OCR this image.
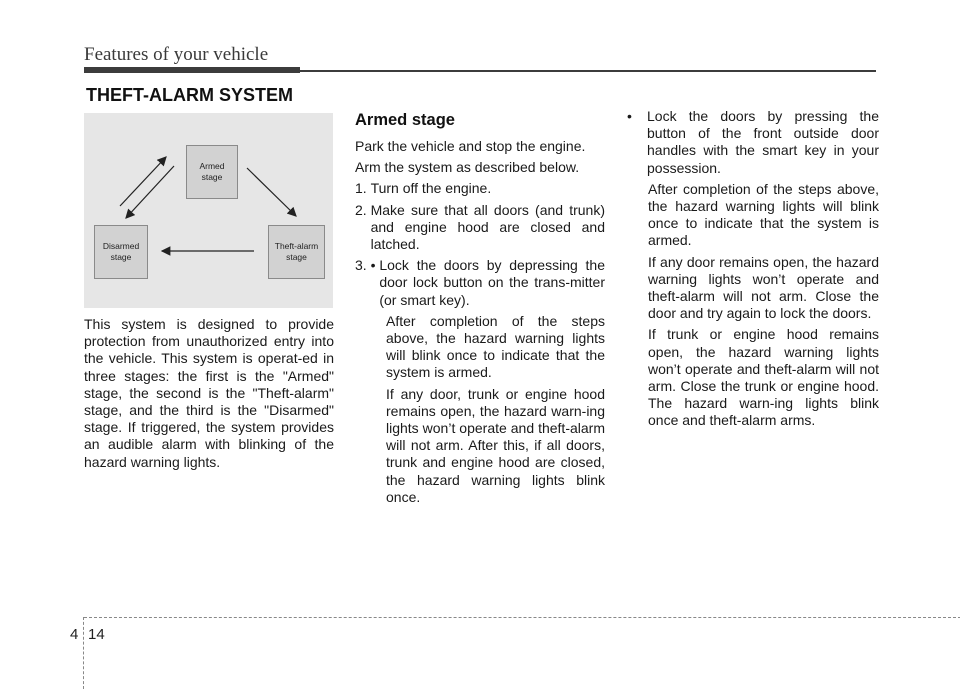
Features of your vehicle
THEFT-ALARM SYSTEM
Armed
stage
Disarmed
stage
Theft-alarm
stage
This system is designed to provide protection from unauthorized entry into the vehicle. This system is operat-ed in three stages: the first is the "Armed" stage, the second is the "Theft-alarm" stage, and the third is the "Disarmed" stage. If triggered, the system provides an audible alarm with blinking of the hazard warning lights.
Armed stage
Park the vehicle and stop the engine.
Arm the system as described below.
1. Turn off the engine.
2. Make sure that all doors (and trunk) and engine hood are closed and latched.
3. • Lock the doors by depressing the door lock button on the trans-mitter (or smart key).
After completion of the steps above, the hazard warning lights will blink once to indicate that the system is armed.
If any door, trunk or engine hood remains open, the hazard warn-ing lights won’t operate and theft-alarm will not arm. After this, if all doors, trunk and engine hood are closed, the hazard warning lights blink once.
•	Lock the doors by pressing the button of the front outside door handles with the smart key in your possession.
After completion of the steps above, the hazard warning lights will blink once to indicate that the system is armed.
If any door remains open, the hazard warning lights won’t operate and theft-alarm will not arm. Close the door and try again to lock the doors.
If trunk or engine hood remains open, the hazard warning lights won’t operate and theft-alarm will not arm. Close the trunk or engine hood. The hazard warn-ing lights blink once and theft-alarm arms.
4 14
